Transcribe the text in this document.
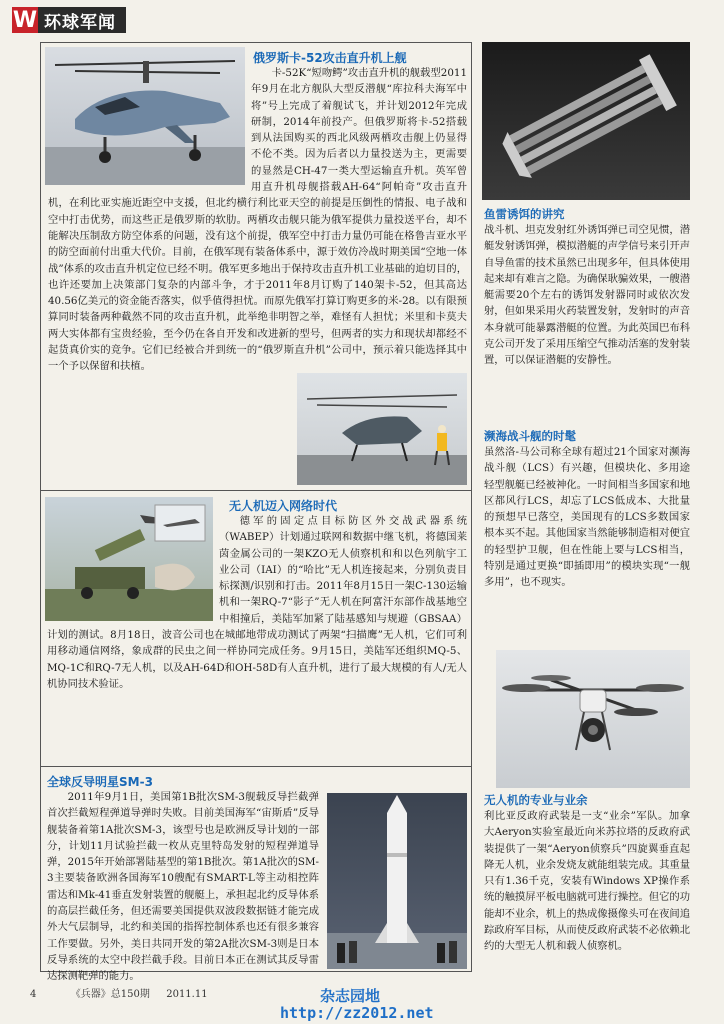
W 环球军闻
俄罗斯卡-52攻击直升机上舰

卡-52K“短吻鳄”攻击直升机的舰载型2011年9月在北方舰队大型反潜舰“库拉科夫海军中将”号上完成了着舰试飞，并计划2012年完成研制，2014年前投产。但俄罗斯将卡-52搭载到从法国购买的西北风级两栖攻击舰上仍显得不伦不类。因为后者以力量投送为主，更需要的显然是CH-47一类大型运输直升机。英军曾用直升机母舰搭载AH-64“阿帕奇”攻击直升机，在利比亚实施近距空中支援，但北约横行利比亚天空的前提是压倒性的情报、电子战和空中打击优势，而这些正是俄罗斯的软肋。两栖攻击舰只能为俄军提供力量投送平台，却不能解决压制敌方防空体系的问题，没有这个前提，俄军空中打击力量仍可能在格鲁吉亚水平的防空面前付出重大代价。目前，在俄军现有装备体系中，源于效仿冷战时期美国“空地一体战”体系的攻击直升机定位已经不明。俄军更多地出于保持攻击直升机工业基础的迫切目的，也许还要加上决策部门复杂的内部斗争，才于2011年8月订购了140架卡-52，但其高达40.56亿美元的资金能否落实，似乎值得担忧。而原先俄军打算订购更多的米-28。以有限预算同时装备两种截然不同的攻击直升机，此举绝非明智之举，难怪有人担忧；米里和卡莫夫两大实体都有宝贵经验，至今仍在各自开发和改进新的型号，但两者的实力和现状却都经不起货真价实的竞争。它们已经被合并到统一的“俄罗斯直升机”公司中，预示着只能选择其中一个予以保留和扶植。

无人机迈入网络时代

德军的固定点目标防区外交战武器系统（WABEP）计划通过联网和数据中继飞机，将德国莱茵金属公司的一架KZO无人侦察机和和以色列航宇工业公司（IAI）的“哈比”无人机连接起来，分别负责目标探测/识别和打击。2011年8月15日一架C-130运输机和一架RQ-7“影子”无人机在阿富汗东部作战基地空中相撞后，美陆军加紧了陆基感知与规避（GBSAA）计划的测试。8月18日，波音公司也在城邮地带成功测试了两架“扫描鹰”无人机，它们可利用移动通信网络，象成群的民虫之间一样协同完成任务。9月15日，美陆军还组织MQ-5、MQ-1C和RQ-7无人机，以及AH-64D和OH-58D有人直升机，进行了最大规模的有人/无人机协同技术验证。

全球反导明星SM-3

2011年9月1日，美国第1B批次SM-3舰载反导拦截弹首次拦截短程弹道导弹时失败。目前美国海军“宙斯盾”反导舰装备着第1A批次SM-3，该型号也是欧洲反导计划的一部分，计划11月试验拦截一枚从克里特岛发射的短程弹道导弹，2015年开始部署陆基型的第1B批次。第1A批次的SM-3主要装备欧洲各国海军10艘配有SMART-L等主动相控阵雷达和Mk-41垂直发射装置的舰艇上，承担起北约反导体系的高层拦截任务，但还需要美国提供双波段数据链才能完成外大气层制导，北约和美国的指挥控制体系也还有很多兼容工作要做。另外，美日共同开发的第2A批次SM-3则是日本反导系统的太空中段拦截手段。目前日本正在测试其反导雷达探测靶弹的能力。

鱼雷诱饵的讲究
战斗机、坦克发射红外诱饵弹已司空见惯，潜艇发射诱饵弹，模拟潜艇的声学信号来引开声自导鱼雷的技术虽然已出现多年，但具体使用起来却有难言之隐。为确保耿骗效果，一艘潜艇需要20个左右的诱饵发射器同时或依次发射，但如果采用火药装置发射，发射时的声音本身就可能暴露潜艇的位置。为此英国巴布科克公司开发了采用压缩空气推动活塞的发射装置，可以保证潜艇的安静性。
濒海战斗舰的时髦
虽然洛-马公司称全球有超过21个国家对濒海战斗舰（LCS）有兴趣，但模块化、多用途轻型舰艇已经被神化。一时间相当多国家和地区都风行LCS，却忘了LCS低成本、大批量的预想早已落空，美国现有的LCS多数国家根本买不起。其他国家当然能够制造相对便宜的轻型护卫舰，但在性能上要与LCS相当，特别是通过更换“即插即用”的模块实现“一舰多用”，也不现实。
无人机的专业与业余
利比亚反政府武装是一支“业余”军队。加拿大Aeryon实验室最近向米苏拉塔的反政府武装提供了一架“Aeryon侦察兵”四旋翼垂直起降无人机，业余发烧友就能组装完成。其重量只有1.36千克，安装有Windows XP操作系统的触摸屏平板电脑就可进行操控。但它的功能却不业余，机上的热成像摄像头可在夜间追踪政府军目标，从而使反政府武装不必依赖北约的大型无人机和载人侦察机。
4	《兵器》总150期 2011.11	杂志园地
http://zz2012.net
